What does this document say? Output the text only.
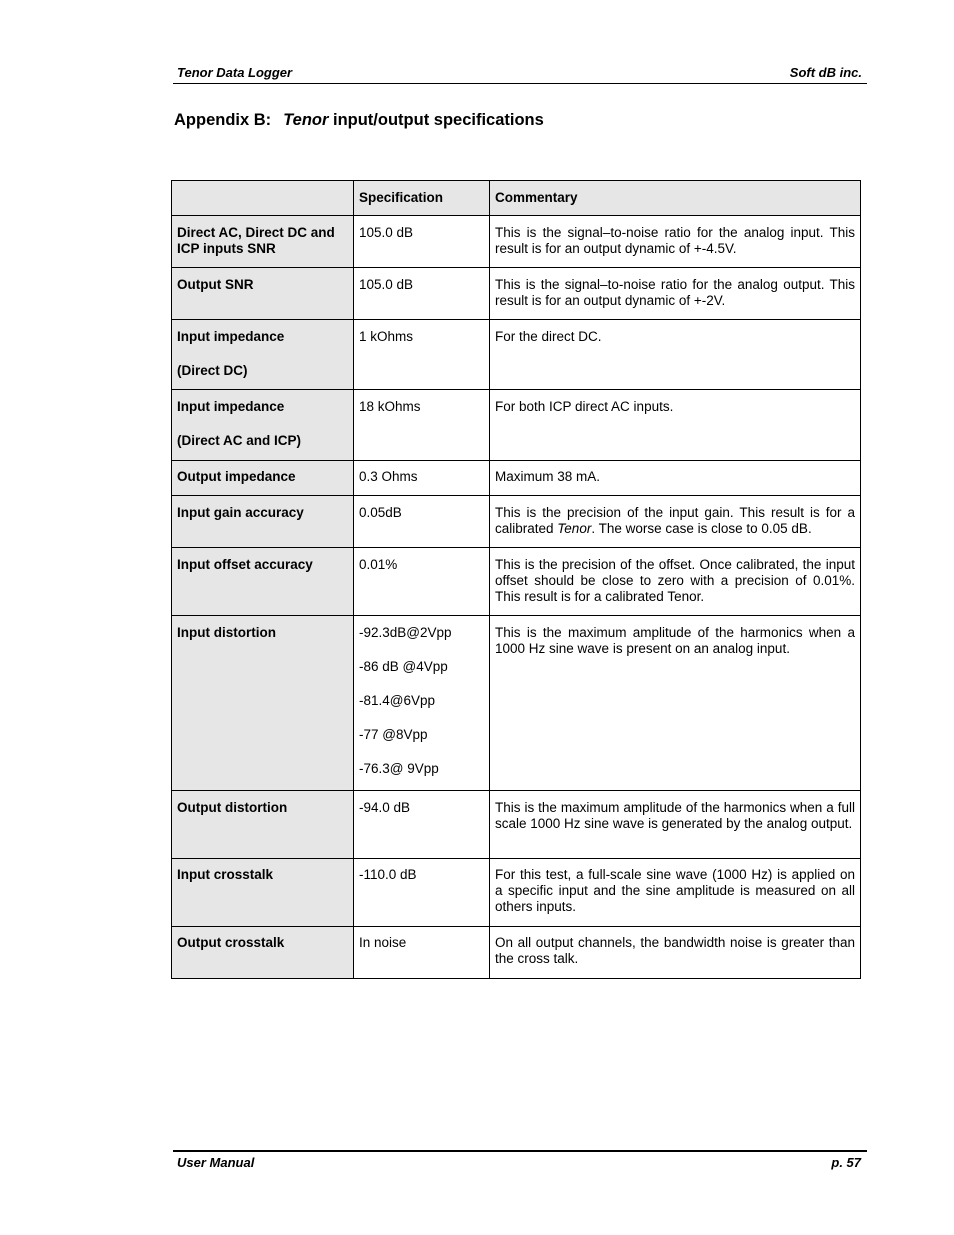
Tenor Data Logger	Soft dB inc.
Appendix B: Tenor input/output specifications
	Specification	Commentary
Direct AC, Direct DC and ICP inputs SNR	105.0 dB	This is the signal–to-noise ratio for the analog input. This result is for an output dynamic of +-4.5V.
Output SNR	105.0 dB	This is the signal–to-noise ratio for the analog output. This result is for an output dynamic of +-2V.

Input impedance
(Direct DC)	1 kOhms	For the direct DC.

Input impedance
(Direct AC and ICP)	18 kOhms	For both ICP direct AC inputs.
Output impedance	0.3 Ohms	Maximum 38 mA.
Input gain accuracy	0.05dB	This is the precision of the input gain. This result is for a calibrated Tenor. The worse case is close to 0.05 dB.
Input offset accuracy	0.01%	This is the precision of the offset. Once calibrated, the input offset should be close to zero with a precision of 0.01%. This result is for a calibrated Tenor.
Input distortion	-92.3dB@2Vpp
-86 dB @4Vpp
-81.4@6Vpp
-77 @8Vpp
-76.3@ 9Vpp	This is the maximum amplitude of the harmonics when a 1000 Hz sine wave is present on an analog input.
Output distortion	-94.0 dB	This is the maximum amplitude of the harmonics when a full scale 1000 Hz sine wave is generated by the analog output.
Input crosstalk	-110.0 dB	For this test, a full-scale sine wave (1000 Hz) is applied on a specific input and the sine amplitude is measured on all others inputs.
Output crosstalk	In noise	On all output channels, the bandwidth noise is greater than the cross talk.
User Manual	p. 57
